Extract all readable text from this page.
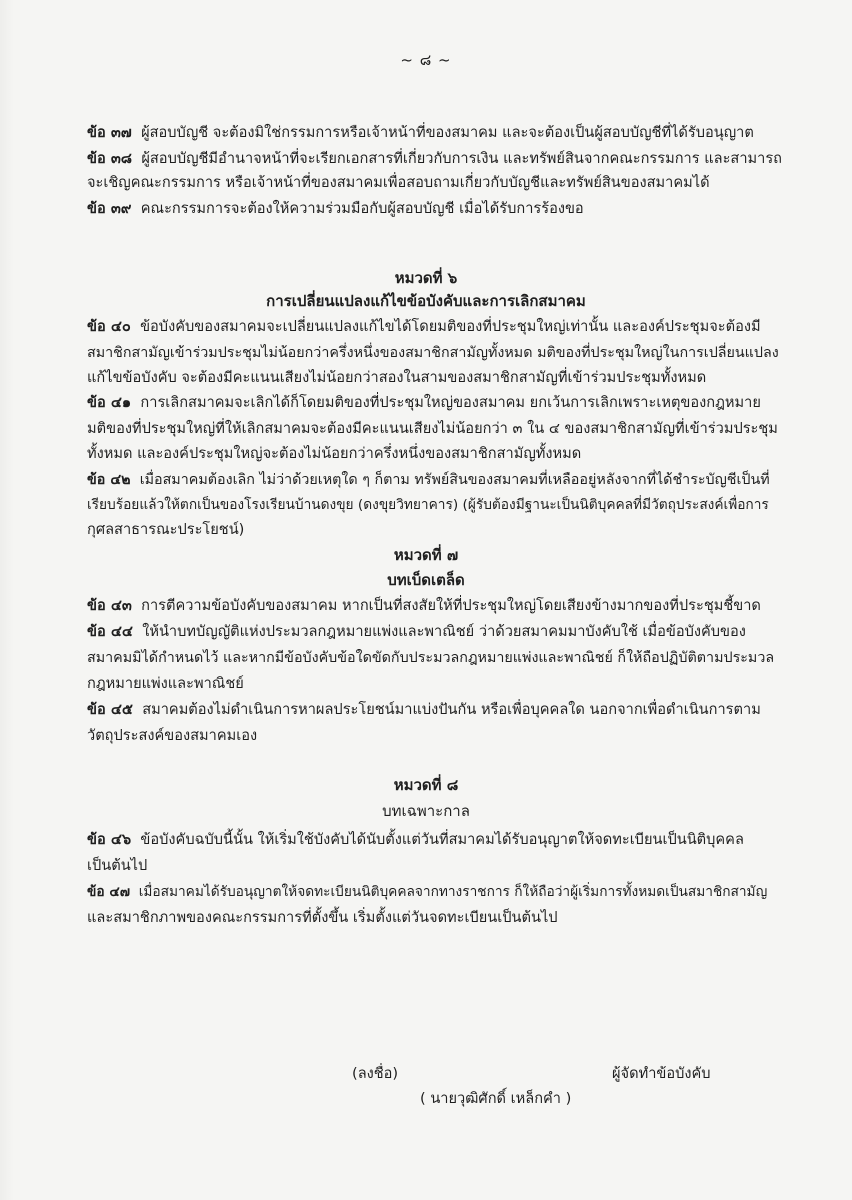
~ ๘ ~
ข้อ ๓๗ ผู้สอบบัญชี จะต้องมิใช่กรรมการหรือเจ้าหน้าที่ของสมาคม และจะต้องเป็นผู้สอบบัญชีที่ได้รับอนุญาต
ข้อ ๓๘ ผู้สอบบัญชีมีอำนาจหน้าที่จะเรียกเอกสารที่เกี่ยวกับการเงิน และทรัพย์สินจากคณะกรรมการ และสามารถ
จะเชิญคณะกรรมการ หรือเจ้าหน้าที่ของสมาคมเพื่อสอบถามเกี่ยวกับบัญชีและทรัพย์สินของสมาคมได้
ข้อ ๓๙ คณะกรรมการจะต้องให้ความร่วมมือกับผู้สอบบัญชี เมื่อได้รับการร้องขอ
หมวดที่ ๖
การเปลี่ยนแปลงแก้ไขข้อบังคับและการเลิกสมาคม
ข้อ ๔๐ ข้อบังคับของสมาคมจะเปลี่ยนแปลงแก้ไขได้โดยมติของที่ประชุมใหญ่เท่านั้น และองค์ประชุมจะต้องมี
สมาชิกสามัญเข้าร่วมประชุมไม่น้อยกว่าครึ่งหนึ่งของสมาชิกสามัญทั้งหมด มติของที่ประชุมใหญ่ในการเปลี่ยนแปลง
แก้ไขข้อบังคับ จะต้องมีคะแนนเสียงไม่น้อยกว่าสองในสามของสมาชิกสามัญที่เข้าร่วมประชุมทั้งหมด
ข้อ ๔๑ การเลิกสมาคมจะเลิกได้ก็โดยมติของที่ประชุมใหญ่ของสมาคม ยกเว้นการเลิกเพราะเหตุของกฎหมาย
มติของที่ประชุมใหญ่ที่ให้เลิกสมาคมจะต้องมีคะแนนเสียงไม่น้อยกว่า ๓ ใน ๔ ของสมาชิกสามัญที่เข้าร่วมประชุม
ทั้งหมด และองค์ประชุมใหญ่จะต้องไม่น้อยกว่าครึ่งหนึ่งของสมาชิกสามัญทั้งหมด
ข้อ ๔๒ เมื่อสมาคมต้องเลิก ไม่ว่าด้วยเหตุใด ๆ ก็ตาม ทรัพย์สินของสมาคมที่เหลืออยู่หลังจากที่ได้ชำระบัญชีเป็นที่
เรียบร้อยแล้วให้ตกเป็นของโรงเรียนบ้านดงขุย (ดงขุยวิทยาคาร) (ผู้รับต้องมีฐานะเป็นนิติบุคคลที่มีวัตถุประสงค์เพื่อการ
กุศลสาธารณะประโยชน์)
หมวดที่ ๗
บทเบ็ดเตล็ด
ข้อ ๔๓ การตีความข้อบังคับของสมาคม หากเป็นที่สงสัยให้ที่ประชุมใหญ่โดยเสียงข้างมากของที่ประชุมชี้ขาด
ข้อ ๔๔ ให้นำบทบัญญัติแห่งประมวลกฎหมายแพ่งและพาณิชย์ ว่าด้วยสมาคมมาบังคับใช้ เมื่อข้อบังคับของ
สมาคมมิได้กำหนดไว้ และหากมีข้อบังคับข้อใดขัดกับประมวลกฎหมายแพ่งและพาณิชย์ ก็ให้ถือปฏิบัติตามประมวล
กฎหมายแพ่งและพาณิชย์
ข้อ ๔๕ สมาคมต้องไม่ดำเนินการหาผลประโยชน์มาแบ่งปันกัน หรือเพื่อบุคคลใด นอกจากเพื่อดำเนินการตาม
วัตถุประสงค์ของสมาคมเอง
หมวดที่ ๘
บทเฉพาะกาล
ข้อ ๔๖ ข้อบังคับฉบับนี้นั้น ให้เริ่มใช้บังคับได้นับตั้งแต่วันที่สมาคมได้รับอนุญาตให้จดทะเบียนเป็นนิติบุคคล
เป็นต้นไป
ข้อ ๔๗ เมื่อสมาคมได้รับอนุญาตให้จดทะเบียนนิติบุคคลจากทางราชการ ก็ให้ถือว่าผู้เริ่มการทั้งหมดเป็นสมาชิกสามัญ
และสมาชิกภาพของคณะกรรมการที่ตั้งขึ้น เริ่มตั้งแต่วันจดทะเบียนเป็นต้นไป
(ลงชื่อ)	ผู้จัดทำข้อบังคับ
( นายวุฒิศักดิ์ เหล็กคำ )
